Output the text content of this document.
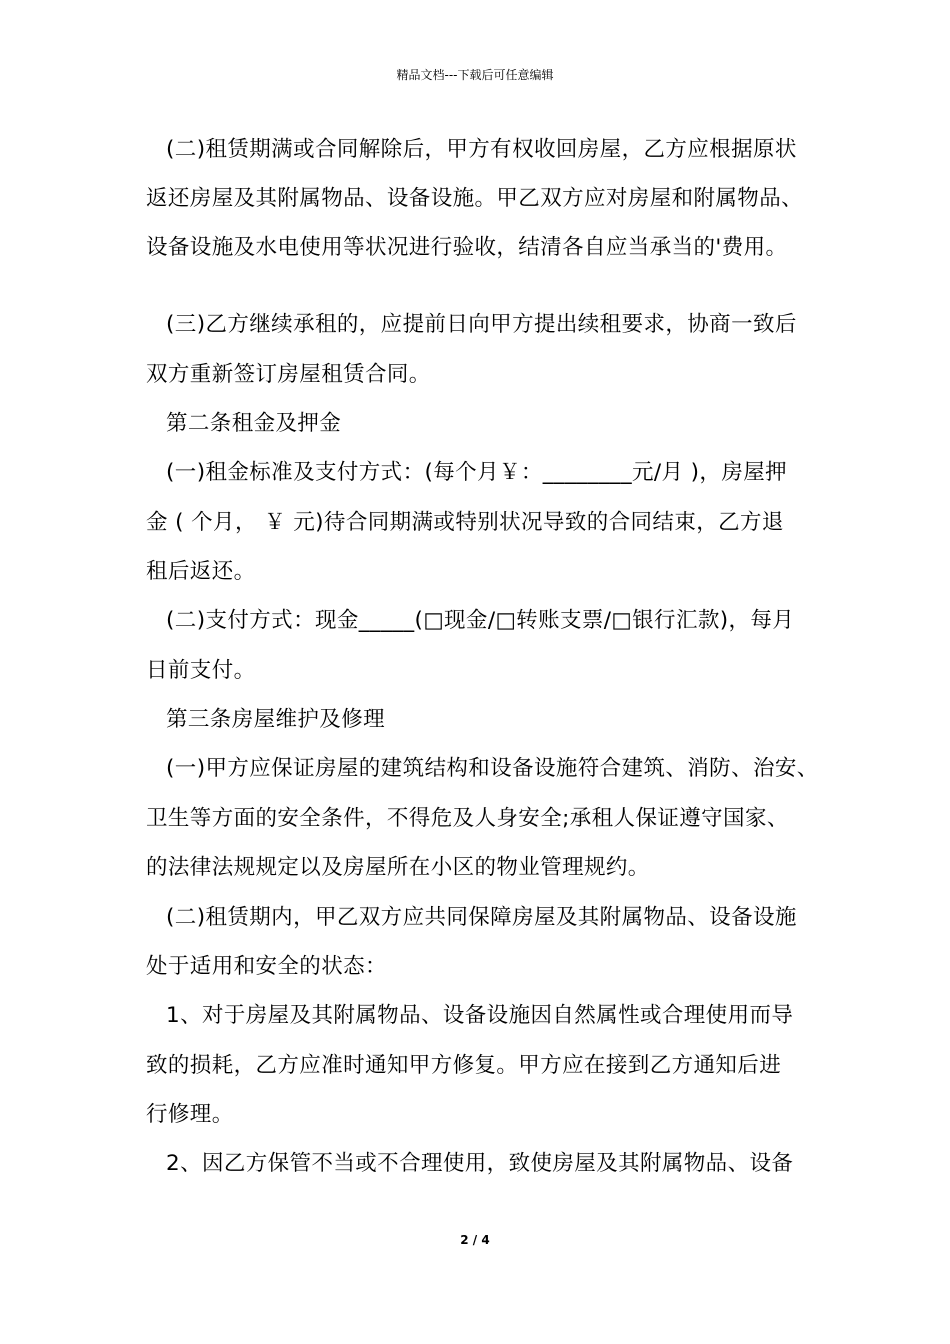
精品文档---下载后可任意编辑
(二)租赁期满或合同解除后，甲方有权收回房屋，乙方应根据原状
返还房屋及其附属物品、设备设施。甲乙双方应对房屋和附属物品、
设备设施及水电使用等状况进行验收，结清各自应当承当的'费用。
(三)乙方继续承租的，应提前日向甲方提出续租要求，协商一致后
双方重新签订房屋租赁合同。
第二条租金及押金
(一)租金标准及支付方式：(每个月￥：________元/月 )，房屋押
金 ( 个月， ￥ 元)待合同期满或特别状况导致的合同结束，乙方退
租后返还。
(二)支付方式：现金_____(□现金/□转账支票/□银行汇款)，每月
日前支付。
第三条房屋维护及修理
(一)甲方应保证房屋的建筑结构和设备设施符合建筑、消防、治安、
卫生等方面的安全条件，不得危及人身安全;承租人保证遵守国家、
的法律法规规定以及房屋所在小区的物业管理规约。
(二)租赁期内，甲乙双方应共同保障房屋及其附属物品、设备设施
处于适用和安全的状态：
1、对于房屋及其附属物品、设备设施因自然属性或合理使用而导
致的损耗，乙方应准时通知甲方修复。甲方应在接到乙方通知后进
行修理。
2、因乙方保管不当或不合理使用，致使房屋及其附属物品、设备
2 / 4
